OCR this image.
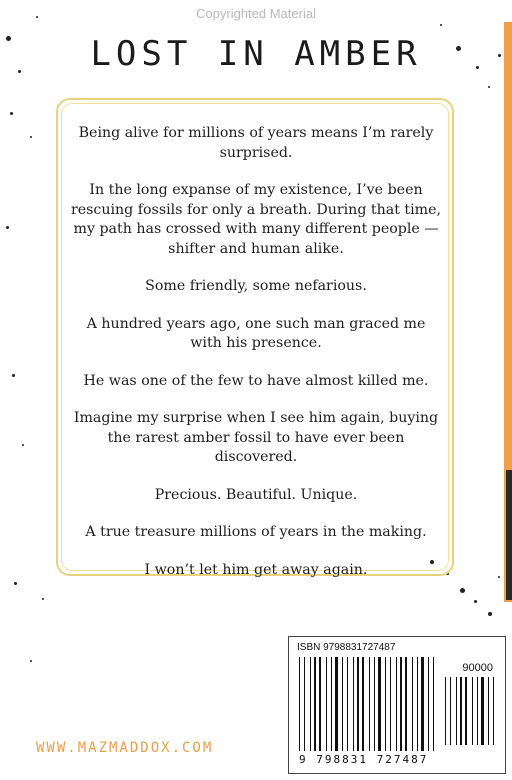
Copyrighted Material
LOST IN AMBER

Being alive for millions of years means I’m rarely surprised.

In the long expanse of my existence, I’ve been rescuing fossils for only a breath. During that time, my path has crossed with many different people — shifter and human alike.

Some friendly, some nefarious.

A hundred years ago, one such man graced me with his presence.

He was one of the few to have almost killed me.

Imagine my surprise when I see him again, buying the rarest amber fossil to have ever been discovered.

Precious. Beautiful. Unique.

A true treasure millions of years in the making.

I won’t let him get away again.

ISBN 9798831727487
90000
9 798831 727487
WWW.MAZMADDOX.COM
